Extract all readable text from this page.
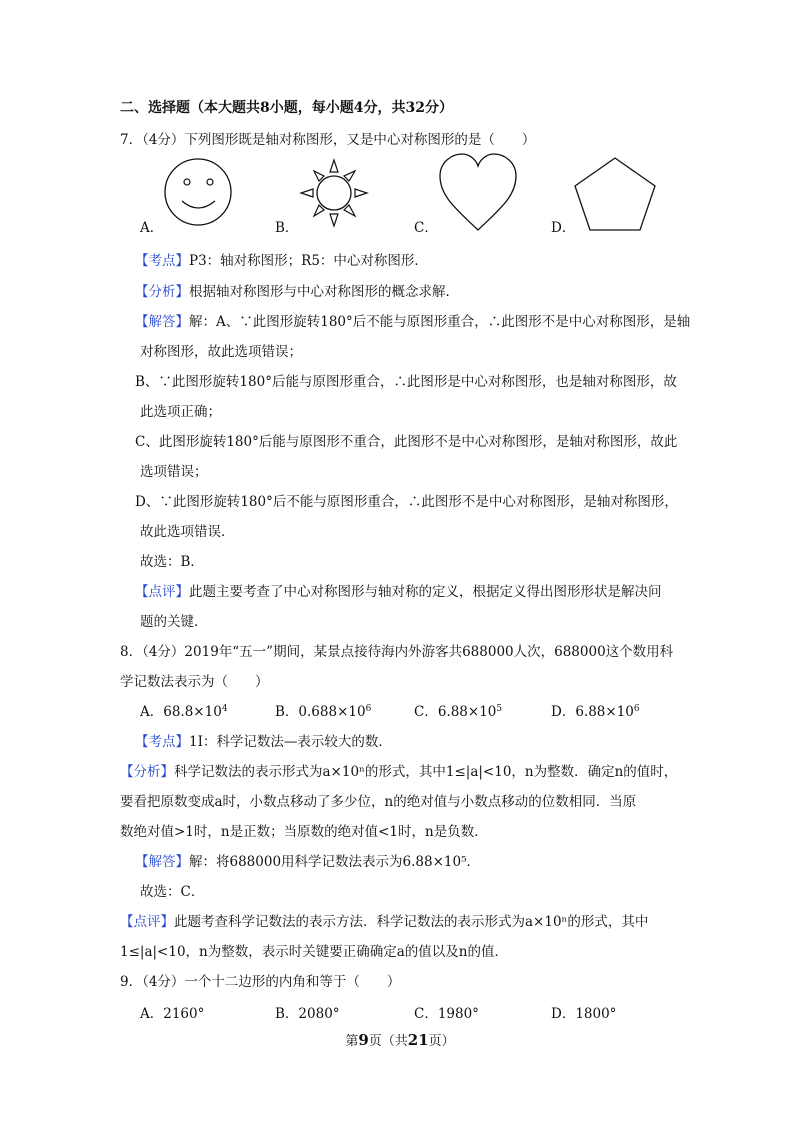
二、选择题（本大题共8小题，每小题4分，共32分）
7．（4分）下列图形既是轴对称图形，又是中心对称图形的是（　　）
A．	B．	C．	D．
【考点】P3：轴对称图形；R5：中心对称图形．
【分析】根据轴对称图形与中心对称图形的概念求解．
【解答】解：A、∵此图形旋转180°后不能与原图形重合，∴此图形不是中心对称图形，是轴
对称图形，故此选项错误；
B、∵此图形旋转180°后能与原图形重合，∴此图形是中心对称图形，也是轴对称图形，故
此选项正确；
C、此图形旋转180°后能与原图形不重合，此图形不是中心对称图形，是轴对称图形，故此
选项错误；
D、∵此图形旋转180°后不能与原图形重合，∴此图形不是中心对称图形，是轴对称图形，
故此选项错误．
故选：B．
【点评】此题主要考查了中心对称图形与轴对称的定义，根据定义得出图形形状是解决问
题的关键．
8．（4分）2019年“五一”期间，某景点接待海内外游客共688000人次，688000这个数用科
学记数法表示为（　　）
A．$68.8\times 10^4$	B．$0.688\times 10^6$	C．$6.88\times 10^5$	D．$6.88\times 10^6$
【考点】1I：科学记数法—表示较大的数．
【分析】科学记数法的表示形式为a×10ⁿ的形式，其中1≤|a|<10，n为整数．确定n的值时，
要看把原数变成a时，小数点移动了多少位，n的绝对值与小数点移动的位数相同．当原
数绝对值>1时，n是正数；当原数的绝对值<1时，n是负数．
【解答】解：将688000用科学记数法表示为6.88×10⁵．
故选：C．
【点评】此题考查科学记数法的表示方法．科学记数法的表示形式为a×10ⁿ的形式，其中
1≤|a|<10，n为整数，表示时关键要正确确定a的值以及n的值．
9．（4分）一个十二边形的内角和等于（　　）
A．2160°	B．2080°	C．1980°	D．1800°
第9页（共21页）
